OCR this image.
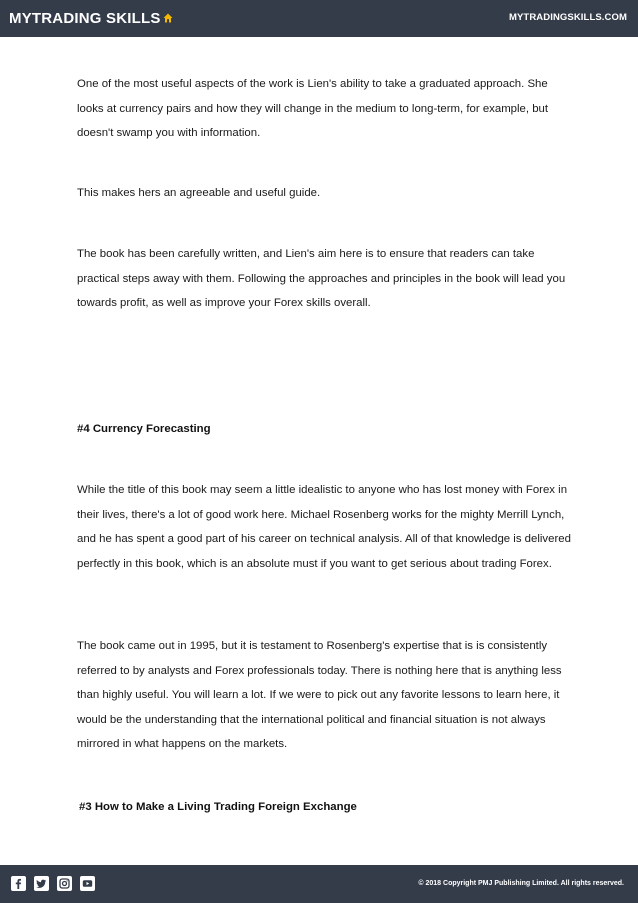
MYTRADING SKILLS	MYTRADINGSKILLS.COM

One of the most useful aspects of the work is Lien's ability to take a graduated approach. She looks at currency pairs and how they will change in the medium to long-term, for example, but doesn't swamp you with information.

This makes hers an agreeable and useful guide.

The book has been carefully written, and Lien's aim here is to ensure that readers can take practical steps away with them. Following the approaches and principles in the book will lead you towards profit, as well as improve your Forex skills overall.

#4 Currency Forecasting

While the title of this book may seem a little idealistic to anyone who has lost money with Forex in their lives, there's a lot of good work here. Michael Rosenberg works for the mighty Merrill Lynch, and he has spent a good part of his career on technical analysis. All of that knowledge is delivered perfectly in this book, which is an absolute must if you want to get serious about trading Forex.

The book came out in 1995, but it is testament to Rosenberg's expertise that is is consistently referred to by analysts and Forex professionals today. There is nothing here that is anything less than highly useful. You will learn a lot. If we were to pick out any favorite lessons to learn here, it would be the understanding that the international political and financial situation is not always mirrored in what happens on the markets.

#3 How to Make a Living Trading Foreign Exchange
© 2018 Copyright PMJ Publishing Limited. All rights reserved.
